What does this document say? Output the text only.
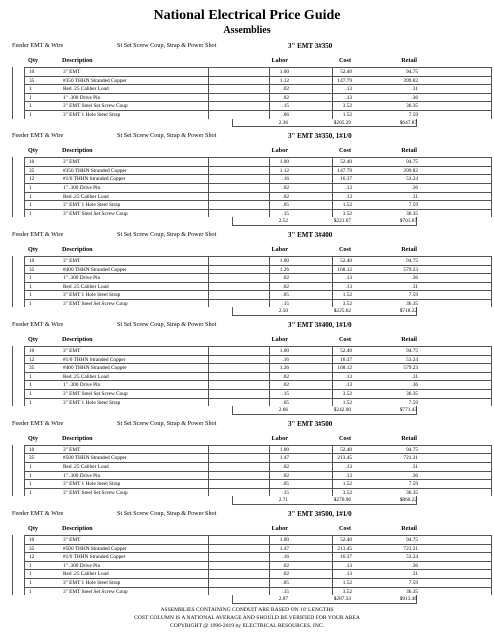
National Electrical Price Guide
Assemblies
Feeder EMT & Wire	St Set Screw Coup, Strap & Power Shot	3" EMT 3#350
Qty	Description	Labor	Cost	Retail
10	3" EMT	1.00	52.40	94.75
35	#350 THHN Stranded Copper	1.12	147.79	399.82
1	Red .25 Caliber Load	.02	.13	.31
1	1" .300 Drive Pin	.02	.13	.36
1	3" EMT Steel Set Screw Coup	.15	3.52	36.35
1	3" EMT 1 Hole Steel Strap	.06	1.52	7.59
2.36	$205.29	$647.87
Feeder EMT & Wire	St Set Screw Coup, Strap & Power Shot	3" EMT 3#350, 1#1/0
Qty	Description	Labor	Cost	Retail
10	3" EMT	1.00	52.40	94.75
35	#350 THHN Stranded Copper	1.12	147.79	399.82
12	#1/0 THHN Stranded Copper	.16	16.37	53.24
1	1" .300 Drive Pin	.02	.13	.36
1	Red .25 Caliber Load	.02	.13	.31
1	3" EMT 1 Hole Steel Strap	.05	1.52	7.59
1	3" EMT Steel Set Screw Coup	.15	3.52	36.35
2.52	$221.67	$701.07
Feeder EMT & Wire	St Set Screw Coup, Strap & Power Shot	3" EMT 3#400
Qty	Description	Labor	Cost	Retail
10	3" EMT	1.00	52.40	94.75
35	#400 THHN Stranded Copper	1.26	168.12	579.23
1	1" .300 Drive Pin	.02	.13	.36
1	Red .25 Caliber Load	.02	.13	.31
1	3" EMT 1 Hole Steel Strap	.05	1.52	7.59
1	3" EMT Steel Set Screw Coup	.15	3.52	36.35
2.50	$225.62	$718.22
Feeder EMT & Wire	St Set Screw Coup, Strap & Power Shot	3" EMT 3#400, 1#1/0
Qty	Description	Labor	Cost	Retail
10	3" EMT	1.00	52.40	94.75
12	#1/0 THHN Stranded Copper	.16	16.37	53.24
35	#400 THHN Stranded Copper	1.26	168.12	579.23
1	Red .25 Caliber Load	.02	.13	.31
1	1" .300 Drive Pin	.02	.13	.36
1	3" EMT Steel Set Screw Coup	.15	3.52	36.35
1	3" EMT 1 Hole Steel Strap	.05	1.52	7.59
2.66	$242.00	$771.43
Feeder EMT & Wire	St Set Screw Coup, Strap & Power Shot	3" EMT 3#500
Qty	Description	Labor	Cost	Retail
10	3" EMT	1.00	52.40	94.75
35	#500 THHN Stranded Copper	1.47	213.45	721.21
1	Red .25 Caliber Load	.02	.13	.31
1	1" .300 Drive Pin	.02	.13	.36
1	3" EMT 1 Hole Steel Strap	.05	1.52	7.59
1	3" EMT Steel Set Screw Coup	.15	3.52	36.35
2.71	$270.96	$860.22
Feeder EMT & Wire	St Set Screw Coup, Strap & Power Shot	3" EMT 3#500, 1#1/0
Qty	Description	Labor	Cost	Retail
10	3" EMT	1.00	52.40	94.75
35	#500 THHN Stranded Copper	1.47	213.45	721.21
12	#1/0 THHN Stranded Copper	.16	16.37	53.24
1	1" .300 Drive Pin	.02	.13	.36
1	Red .25 Caliber Load	.02	.13	.31
1	3" EMT 1 Hole Steel Strap	.05	1.52	7.59
1	3" EMT Steel Set Screw Coup	.15	3.52	36.35
2.87	$287.33	$913.46
ASSEMBLIES CONTAINING CONDUIT ARE BASED ON 10' LENGTHS
COST COLUMN IS A NATIONAL AVERAGE AND SHOULD BE VERIFIED FOR YOUR AREA
COPYRIGHT @ 1996-2019 by ELECTRICAL RESOURCES, INC.
